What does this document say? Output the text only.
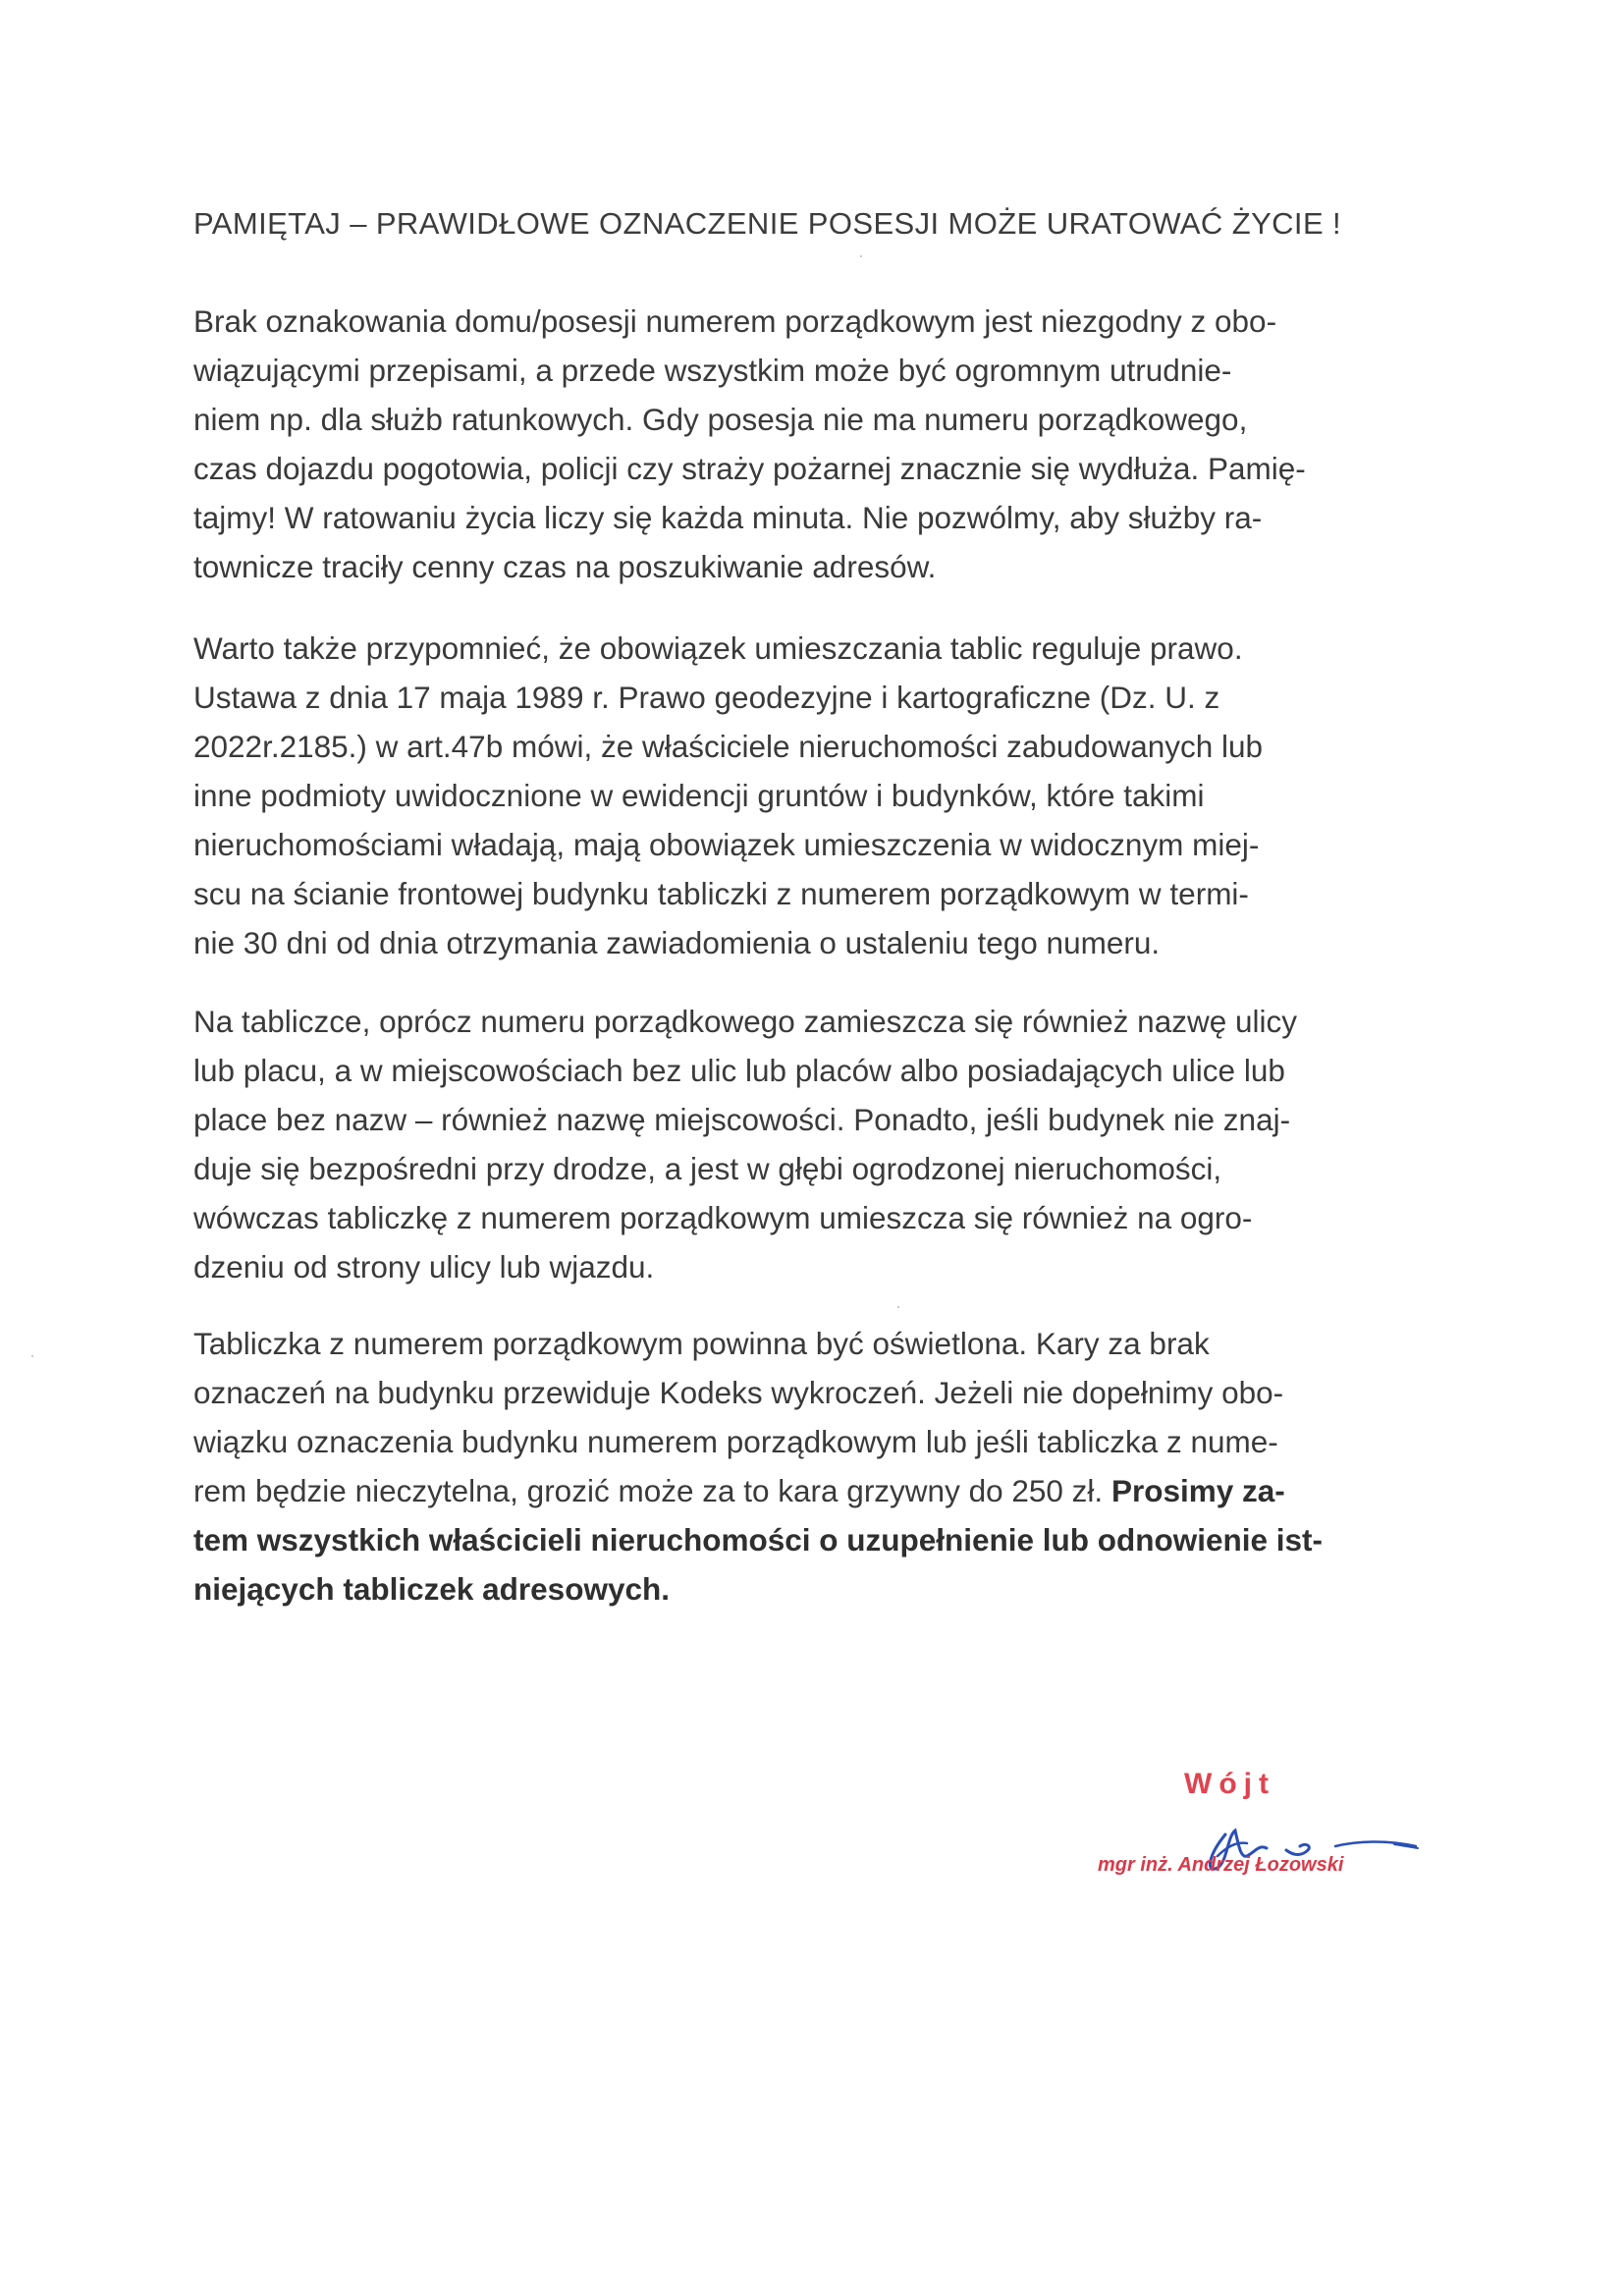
PAMIĘTAJ – PRAWIDŁOWE OZNACZENIE POSESJI MOŻE URATOWAĆ ŻYCIE !
Brak oznakowania domu/posesji numerem porządkowym jest niezgodny z obo-
wiązującymi przepisami, a przede wszystkim może być ogromnym utrudnie-
niem np. dla służb ratunkowych. Gdy posesja nie ma numeru porządkowego,
czas dojazdu pogotowia, policji czy straży pożarnej znacznie się wydłuża. Pamię-
tajmy! W ratowaniu życia liczy się każda minuta. Nie pozwólmy, aby służby ra-
townicze traciły cenny czas na poszukiwanie adresów.
Warto także przypomnieć, że obowiązek umieszczania tablic reguluje prawo.
Ustawa z dnia 17 maja 1989 r. Prawo geodezyjne i kartograficzne (Dz. U. z
2022r.2185.) w art.47b mówi, że właściciele nieruchomości zabudowanych lub
inne podmioty uwidocznione w ewidencji gruntów i budynków, które takimi
nieruchomościami władają, mają obowiązek umieszczenia w widocznym miej-
scu na ścianie frontowej budynku tabliczki z numerem porządkowym w termi-
nie 30 dni od dnia otrzymania zawiadomienia o ustaleniu tego numeru.
Na tabliczce, oprócz numeru porządkowego zamieszcza się również nazwę ulicy
lub placu, a w miejscowościach bez ulic lub placów albo posiadających ulice lub
place bez nazw – również nazwę miejscowości. Ponadto, jeśli budynek nie znaj-
duje się bezpośredni przy drodze, a jest w głębi ogrodzonej nieruchomości,
wówczas tabliczkę z numerem porządkowym umieszcza się również na ogro-
dzeniu od strony ulicy lub wjazdu.
Tabliczka z numerem porządkowym powinna być oświetlona. Kary za brak
oznaczeń na budynku przewiduje Kodeks wykroczeń. Jeżeli nie dopełnimy obo-
wiązku oznaczenia budynku numerem porządkowym lub jeśli tabliczka z nume-
rem będzie nieczytelna, grozić może za to kara grzywny do 250 zł. Prosimy za-
tem wszystkich właścicieli nieruchomości o uzupełnienie lub odnowienie ist-
niejących tabliczek adresowych.
Wójt
mgr inż. Andrzej Łozowski
